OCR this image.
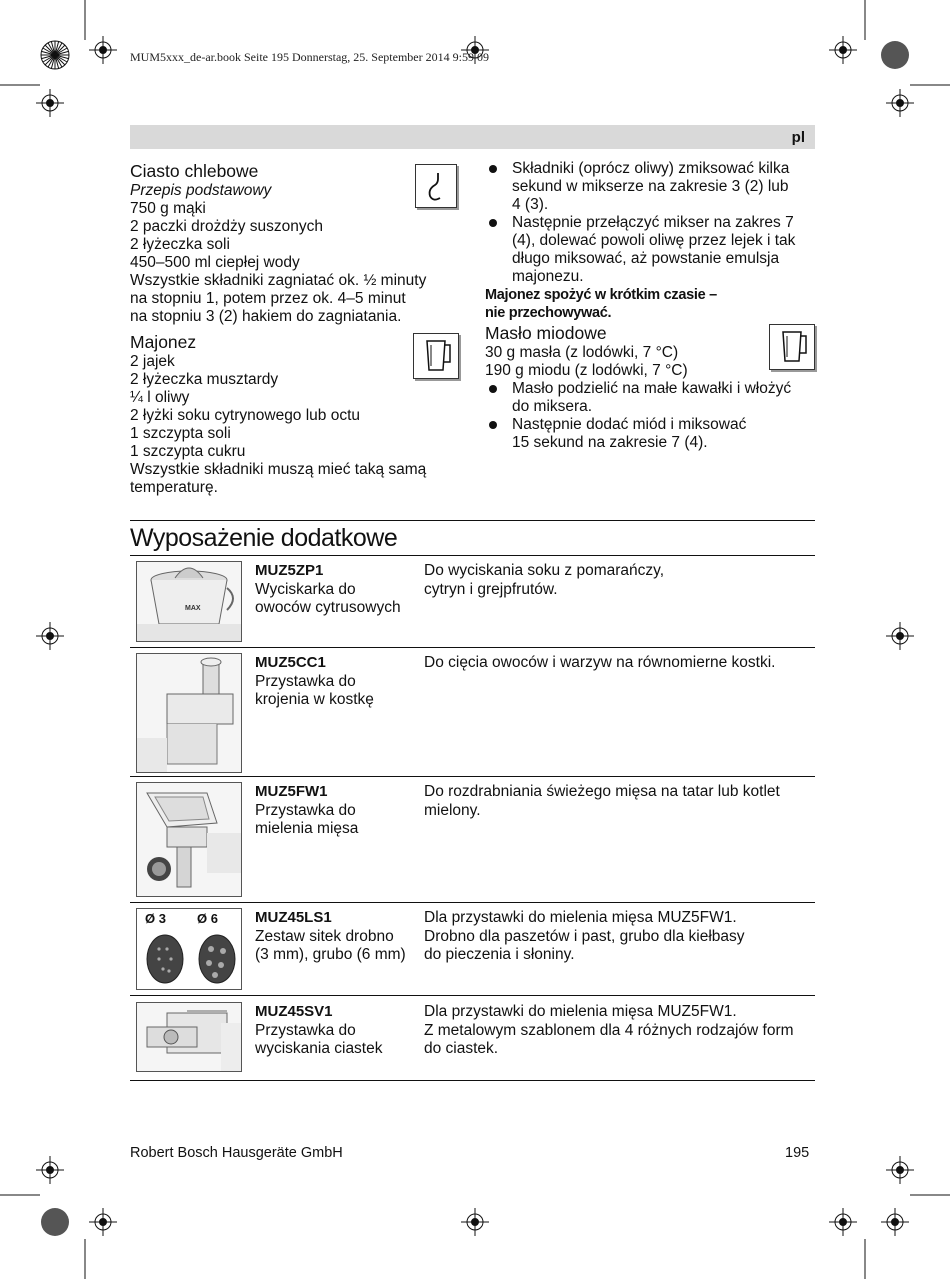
MUM5xxx_de-ar.book Seite 195 Donnerstag, 25. September 2014 9:59 09
pl
Ciasto chlebowe
Przepis podstawowy
750 g mąki
2 paczki drożdży suszonych
2 łyżeczka soli
450–500 ml ciepłej wody
Wszystkie składniki zagniatać ok. ½ minuty
na stopniu 1, potem przez ok. 4–5 minut
na stopniu 3 (2) hakiem do zagniatania.
Majonez
2 jajek
2 łyżeczka musztardy
¼ l oliwy
2 łyżki soku cytrynowego lub octu
1 szczypta soli
1 szczypta cukru
Wszystkie składniki muszą mieć taką samą
temperaturę.
Składniki (oprócz oliwy) zmiksować kilka
sekund w mikserze na zakresie 3 (2) lub
4 (3).
Następnie przełączyć mikser na zakres 7
(4), dolewać powoli oliwę przez lejek i tak
długo miksować, aż powstanie emulsja
majonezu.
Majonez spożyć w krótkim czasie –
nie przechowywać.
Masło miodowe
30 g masła (z lodówki, 7 °C)
190 g miodu (z lodówki, 7 °C)
Masło podzielić na małe kawałki i włożyć
do miksera.
Następnie dodać miód i miksować
15 sekund na zakresie 7 (4).
Wyposażenie dodatkowe
MAX
MUZ5ZP1
Wyciskarka do
owoców cytrusowych
Do wyciskania soku z pomarańczy,
cytryn i grejpfrutów.
MUZ5CC1
Przystawka do
krojenia w kostkę
Do cięcia owoców i warzyw na równomierne kostki.
MUZ5FW1
Przystawka do
mielenia mięsa
Do rozdrabniania świeżego mięsa na tatar lub kotlet
mielony.
Ø 3 Ø 6 MUZ45LS1
Zestaw sitek drobno
(3 mm), grubo (6 mm)
Dla przystawki do mielenia mięsa MUZ5FW1.
Drobno dla paszetów i past, grubo dla kiełbasy
do pieczenia i słoniny.
MUZ45SV1
Przystawka do
wyciskania ciastek
Dla przystawki do mielenia mięsa MUZ5FW1.
Z metalowym szablonem dla 4 różnych rodzajów form
do ciastek.
Robert Bosch Hausgeräte GmbH	195
